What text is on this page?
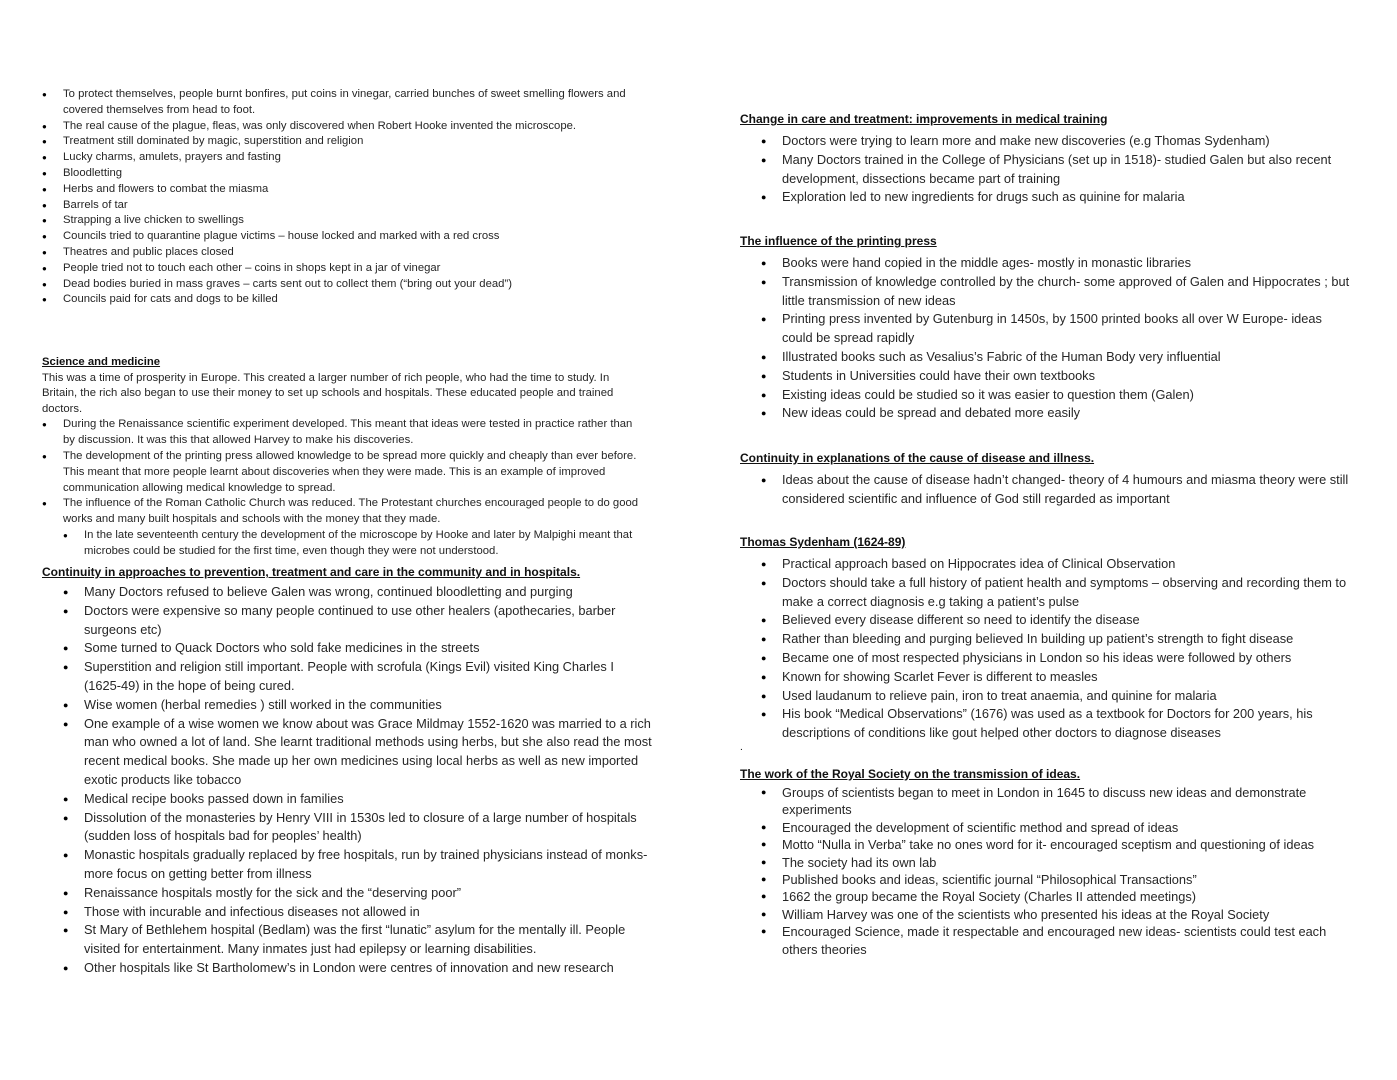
● To protect themselves, people burnt bonfires, put coins in vinegar, carried bunches of sweet smelling flowers and covered themselves from head to foot.
● The real cause of the plague, fleas, was only discovered when Robert Hooke invented the microscope.
● Treatment still dominated by magic, superstition and religion
● Lucky charms, amulets, prayers and fasting
● Bloodletting
● Herbs and flowers to combat the miasma
● Barrels of tar
● Strapping a live chicken to swellings
● Councils tried to quarantine plague victims – house locked and marked with a red cross
● Theatres and public places closed
● People tried not to touch each other – coins in shops kept in a jar of vinegar
● Dead bodies buried in mass graves – carts sent out to collect them (“bring out your dead”)
● Councils paid for cats and dogs to be killed
Science and medicine

This was a time of prosperity in Europe. This created a larger number of rich people, who had the time to study. In Britain, the rich also began to use their money to set up schools and hospitals. These educated people and trained doctors.

● During the Renaissance scientific experiment developed. This meant that ideas were tested in practice rather than by discussion. It was this that allowed Harvey to make his discoveries.
● The development of the printing press allowed knowledge to be spread more quickly and cheaply than ever before. This meant that more people learnt about discoveries when they were made. This is an example of improved communication allowing medical knowledge to spread.
● The influence of the Roman Catholic Church was reduced. The Protestant churches encouraged people to do good works and many built hospitals and schools with the money that they made.
● In the late seventeenth century the development of the microscope by Hooke and later by Malpighi meant that microbes could be studied for the first time, even though they were not understood.
Continuity in approaches to prevention, treatment and care in the community and in hospitals.
● Many Doctors refused to believe Galen was wrong, continued bloodletting and purging
● Doctors were expensive so many people continued to use other healers (apothecaries, barber surgeons etc)
● Some turned to Quack Doctors who sold fake medicines in the streets
● Superstition and religion still important. People with scrofula (Kings Evil) visited King Charles I (1625-49) in the hope of being cured.
● Wise women (herbal remedies ) still worked in the communities
● One example of a wise women we know about was Grace Mildmay 1552-1620 was married to a rich man who owned a lot of land. She learnt traditional methods using herbs, but she also read the most recent medical books. She made up her own medicines using local herbs as well as new imported exotic products like tobacco
● Medical recipe books passed down in families
● Dissolution of the monasteries by Henry VIII in 1530s led to closure of a large number of hospitals (sudden loss of hospitals bad for peoples’ health)
● Monastic hospitals gradually replaced by free hospitals, run by trained physicians instead of monks- more focus on getting better from illness
● Renaissance hospitals mostly for the sick and the “deserving poor”
● Those with incurable and infectious diseases not allowed in
● St Mary of Bethlehem hospital (Bedlam) was the first “lunatic” asylum for the mentally ill. People visited for entertainment. Many inmates just had epilepsy or learning disabilities.
● Other hospitals like St Bartholomew’s in London were centres of innovation and new research
Change in care and treatment: improvements in medical training
● Doctors were trying to learn more and make new discoveries (e.g Thomas Sydenham)
● Many Doctors trained in the College of Physicians (set up in 1518)- studied Galen but also recent development, dissections became part of training
● Exploration led to new ingredients for drugs such as quinine for malaria
The influence of the printing press
● Books were hand copied in the middle ages- mostly in monastic libraries
● Transmission of knowledge controlled by the church- some approved of Galen and Hippocrates ; but little transmission of new ideas
● Printing press invented by Gutenburg in 1450s, by 1500 printed books all over W Europe- ideas could be spread rapidly
● Illustrated books such as Vesalius’s Fabric of the Human Body very influential
● Students in Universities could have their own textbooks
● Existing ideas could be studied so it was easier to question them (Galen)
● New ideas could be spread and debated more easily
Continuity in explanations of the cause of disease and illness.
● Ideas about the cause of disease hadn’t changed- theory of 4 humours and miasma theory were still considered scientific and influence of God still regarded as important
Thomas Sydenham (1624-89)
● Practical approach based on Hippocrates idea of Clinical Observation
● Doctors should take a full history of patient health and symptoms – observing and recording them to make a correct diagnosis e.g taking a patient’s pulse
● Believed every disease different so need to identify the disease
● Rather than bleeding and purging believed In building up patient’s strength to fight disease
● Became one of most respected physicians in London so his ideas were followed by others
● Known for showing Scarlet Fever is different to measles
● Used laudanum to relieve pain, iron to treat anaemia, and quinine for malaria
● His book “Medical Observations” (1676) was used as a textbook for Doctors for 200 years, his descriptions of conditions like gout helped other doctors to diagnose diseases

.

The work of the Royal Society on the transmission of ideas.
● Groups of scientists began to meet in London in 1645 to discuss new ideas and demonstrate experiments
● Encouraged the development of scientific method and spread of ideas
● Motto “Nulla in Verba” take no ones word for it- encouraged sceptism and questioning of ideas
● The society had its own lab
● Published books and ideas, scientific journal “Philosophical Transactions”
● 1662 the group became the Royal Society (Charles II attended meetings)
● William Harvey was one of the scientists who presented his ideas at the Royal Society
● Encouraged Science, made it respectable and encouraged new ideas- scientists could test each others theories
